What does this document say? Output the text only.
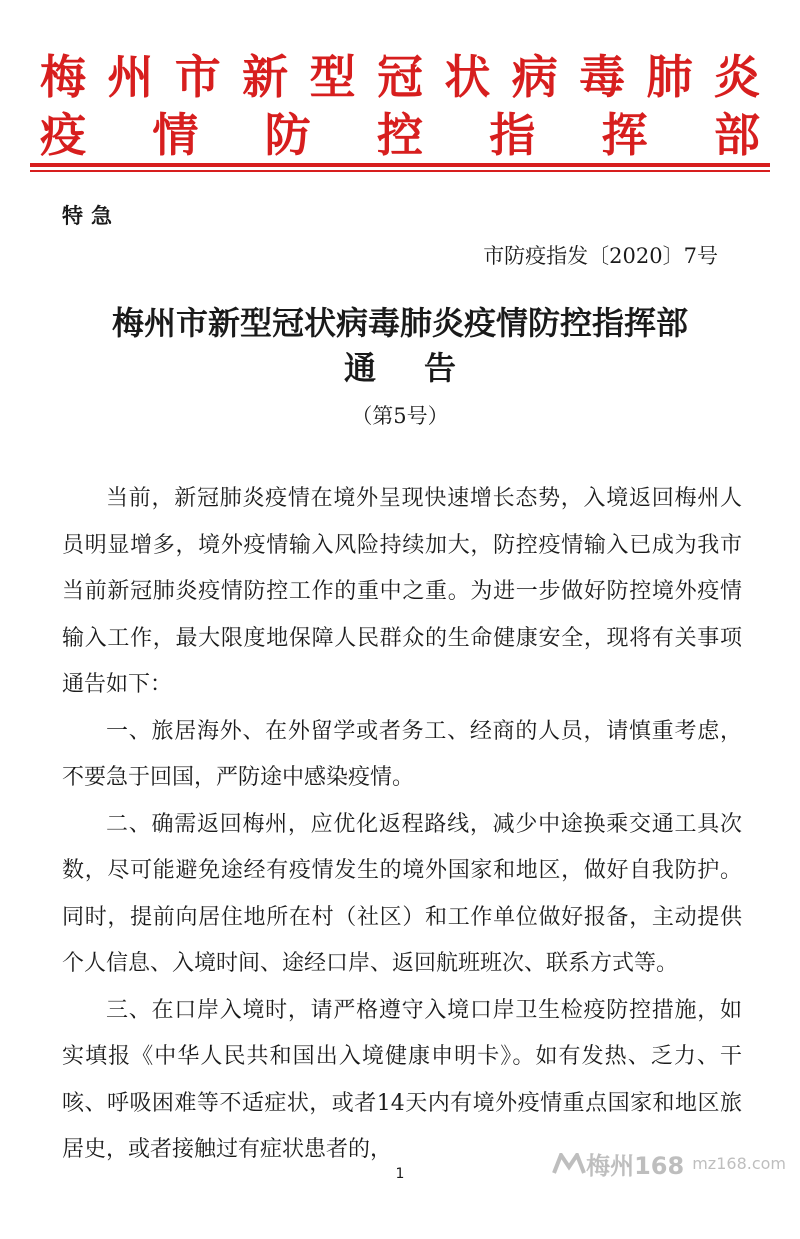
梅 州 市 新 型 冠 状 病 毒 肺 炎
疫 情 防 控 指 挥 部
特急
市防疫指发〔2020〕7号
梅州市新型冠状病毒肺炎疫情防控指挥部
通告
（第5号）

当前，新冠肺炎疫情在境外呈现快速增长态势，入境返回梅州人员明显增多，境外疫情输入风险持续加大，防控疫情输入已成为我市当前新冠肺炎疫情防控工作的重中之重。为进一步做好防控境外疫情输入工作，最大限度地保障人民群众的生命健康安全，现将有关事项通告如下：

一、旅居海外、在外留学或者务工、经商的人员，请慎重考虑，不要急于回国，严防途中感染疫情。

二、确需返回梅州，应优化返程路线，减少中途换乘交通工具次数，尽可能避免途经有疫情发生的境外国家和地区，做好自我防护。同时，提前向居住地所在村（社区）和工作单位做好报备，主动提供个人信息、入境时间、途经口岸、返回航班班次、联系方式等。

三、在口岸入境时，请严格遵守入境口岸卫生检疫防控措施，如实填报《中华人民共和国出入境健康申明卡》。如有发热、乏力、干咳、呼吸困难等不适症状，或者14天内有境外疫情重点国家和地区旅居史，或者接触过有症状患者的，

1	梅州168 mz168.com
